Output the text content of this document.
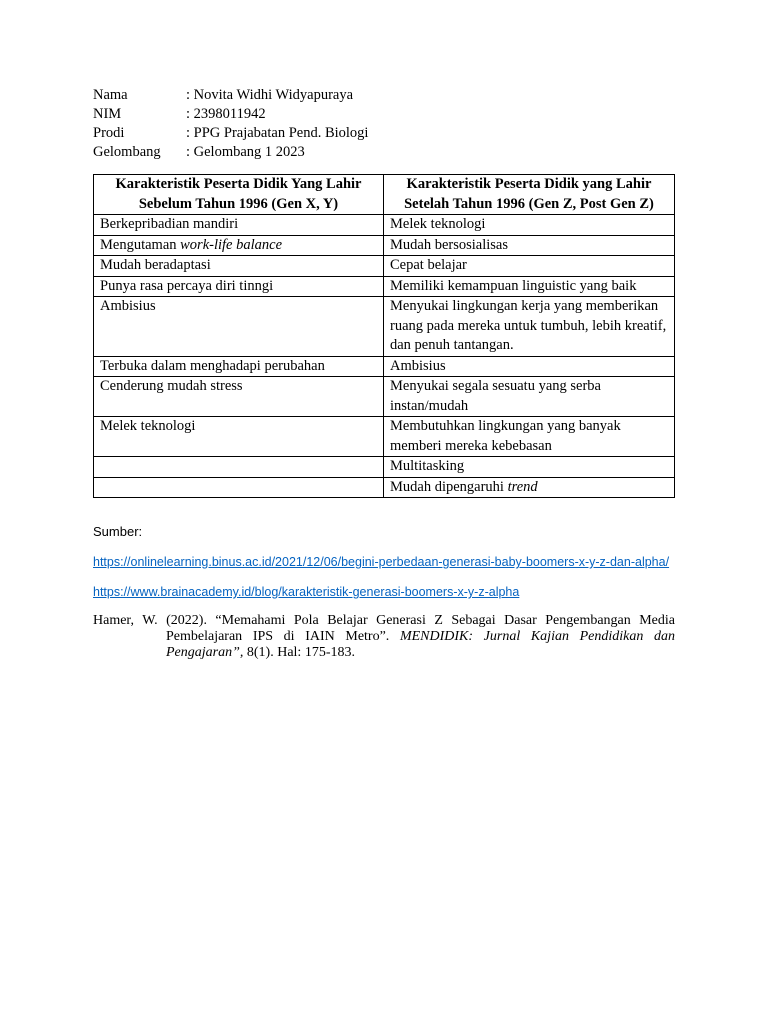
Nama	: Novita Widhi Widyapuraya
NIM	: 2398011942
Prodi	: PPG Prajabatan Pend. Biologi
Gelombang	: Gelombang 1 2023
Karakteristik Peserta Didik Yang Lahir Sebelum Tahun 1996 (Gen X, Y)	Karakteristik Peserta Didik yang Lahir Setelah Tahun 1996 (Gen Z, Post Gen Z)
Berkepribadian mandiri	Melek teknologi
Mengutaman work-life balance	Mudah bersosialisas
Mudah beradaptasi	Cepat belajar
Punya rasa percaya diri tinngi	Memiliki kemampuan linguistic yang baik
Ambisius	Menyukai lingkungan kerja yang memberikan ruang pada mereka untuk tumbuh, lebih kreatif, dan penuh tantangan.
Terbuka dalam menghadapi perubahan	Ambisius
Cenderung mudah stress	Menyukai segala sesuatu yang serba instan/mudah
Melek teknologi	Membutuhkan lingkungan yang banyak memberi mereka kebebasan
	Multitasking
	Mudah dipengaruhi trend
Sumber:
https://onlinelearning.binus.ac.id/2021/12/06/begini-perbedaan-generasi-baby-boomers-x-y-z-dan-alpha/
https://www.brainacademy.id/blog/karakteristik-generasi-boomers-x-y-z-alpha
Hamer, W. (2022). “Memahami Pola Belajar Generasi Z Sebagai Dasar Pengembangan Media Pembelajaran IPS di IAIN Metro”. MENDIDIK: Jurnal Kajian Pendidikan dan Pengajaran”, 8(1). Hal: 175-183.
